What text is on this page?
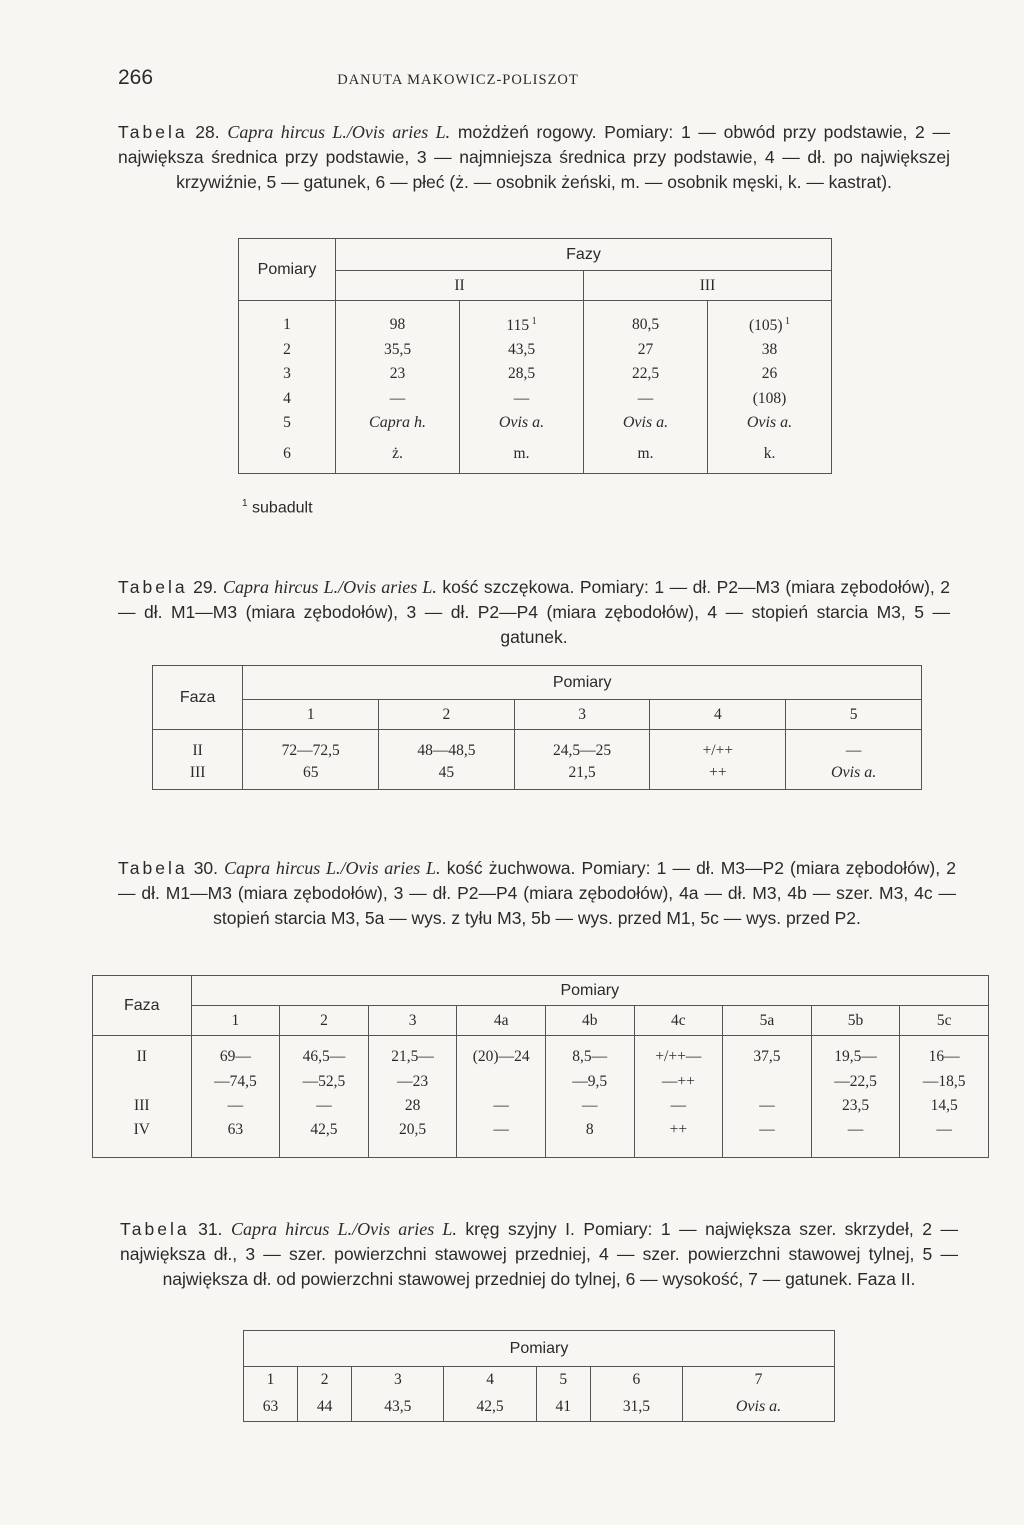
266	DANUTA MAKOWICZ-POLISZOT
Tabela 28. Capra hircus L./Ovis aries L. możdżeń rogowy. Pomiary: 1 — obwód przy podstawie, 2 — największa średnica przy podstawie, 3 — najmniejsza średnica przy podstawie, 4 — dł. po największej krzywiźnie, 5 — gatunek, 6 — płeć (ż. — osobnik żeński, m. — osobnik męski, k. — kastrat).
Pomiary	Fazy			
	II		III	
1	98	115 $^1$	80,5	(105) $^1$
2	35,5	43,5	27	38
3	23	28,5	22,5	26
4	—	—	—	(108)
5	Capra h.	Ovis a.	Ovis a.	Ovis a.
6	ż.	m.	m.	k.
$^1$ subadult
Tabela 29. Capra hircus L./Ovis aries L. kość szczękowa. Pomiary: 1 — dł. P2—M3 (miara zębodołów), 2 — dł. M1—M3 (miara zębodołów), 3 — dł. P2—P4 (miara zębodołów), 4 — stopień starcia M3, 5 — gatunek.
Faza	Pomiary				
	1	2	3	4	5
II	72—72,5	48—48,5	24,5—25	+/++	—
III	65	45	21,5	++	Ovis a.
Tabela 30. Capra hircus L./Ovis aries L. kość żuchwowa. Pomiary: 1 — dł. M3—P2 (miara zębodołów), 2 — dł. M1—M3 (miara zębodołów), 3 — dł. P2—P4 (miara zębodołów), 4a — dł. M3, 4b — szer. M3, 4c — stopień starcia M3, 5a — wys. z tyłu M3, 5b — wys. przed M1, 5c — wys. przed P2.
Faza	Pomiary								
	1	2	3	4a	4b	4c	5a	5b	5c
II	69—	46,5—	21,5—	(20)—24	8,5—	+/++—	37,5	19,5—	16—
	—74,5	—52,5	—23		—9,5	—++		—22,5	—18,5
III	—	—	28	—	—	—	—	23,5	14,5
IV	63	42,5	20,5	—	8	++	—	—	—
Tabela 31. Capra hircus L./Ovis aries L. kręg szyjny I. Pomiary: 1 — największa szer. skrzydeł, 2 — największa dł., 3 — szer. powierzchni stawowej przedniej, 4 — szer. powierzchni stawowej tylnej, 5 — największa dł. od powierzchni stawowej przedniej do tylnej, 6 — wysokość, 7 — gatunek. Faza II.
Pomiary						
1	2	3	4	5	6	7
63	44	43,5	42,5	41	31,5	Ovis a.
